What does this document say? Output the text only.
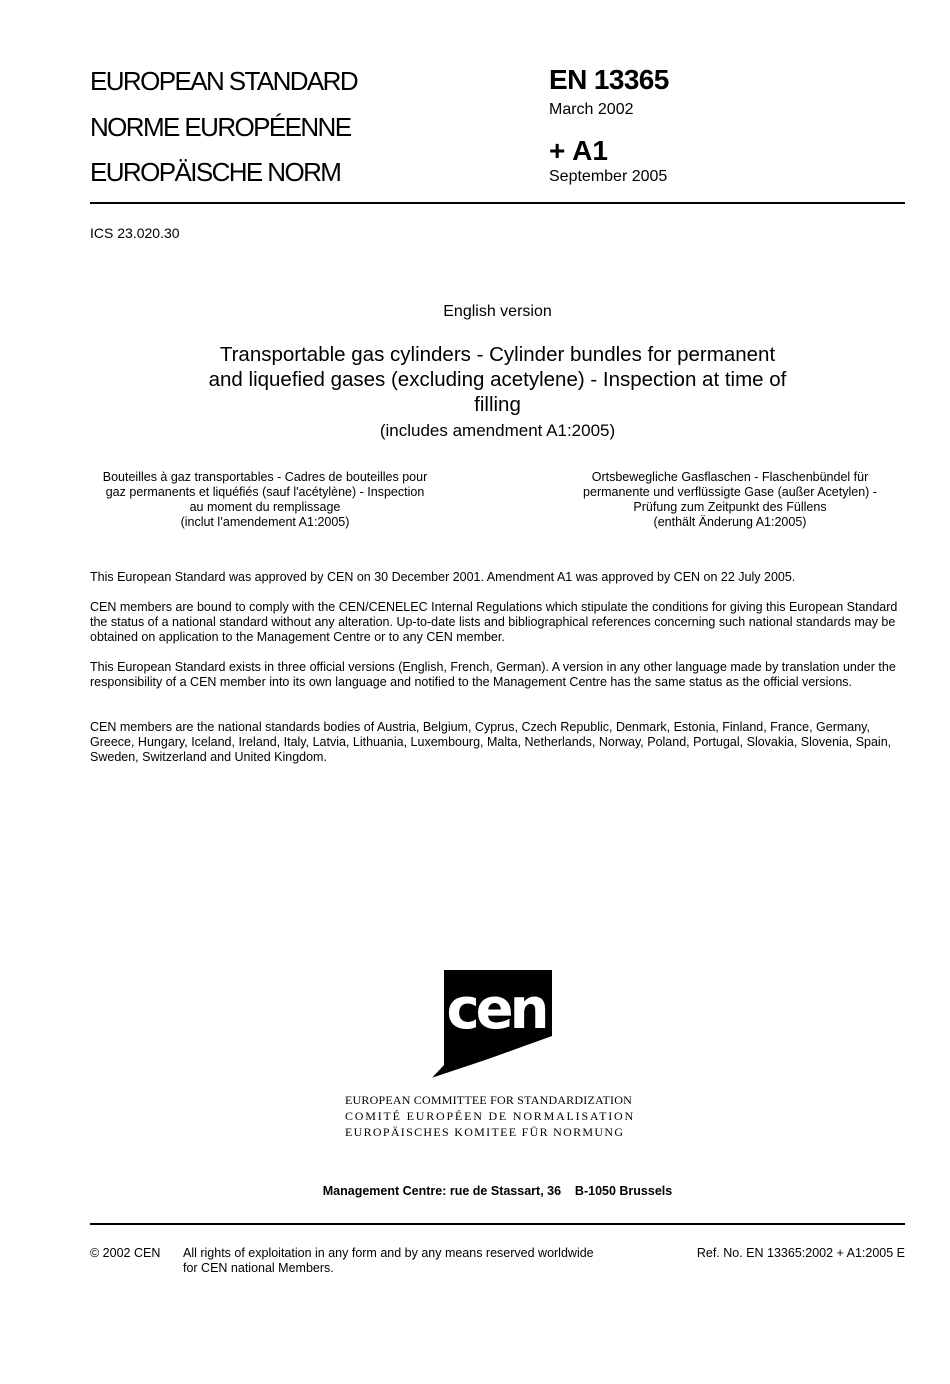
EUROPEAN STANDARD
NORME EUROPÉENNE
EUROPÄISCHE NORM
EN 13365
March 2002
+ A1
September 2005
ICS 23.020.30
English version
Transportable gas cylinders - Cylinder bundles for permanent
and liquefied gases (excluding acetylene) - Inspection at time of
filling
(includes amendment A1:2005)
Bouteilles à gaz transportables - Cadres de bouteilles pour
gaz permanents et liquéfiés (sauf l'acétylène) - Inspection
au moment du remplissage
(inclut l’amendement A1:2005)
Ortsbewegliche Gasflaschen - Flaschenbündel für
permanente und verflüssigte Gase (außer Acetylen) -
Prüfung zum Zeitpunkt des Füllens
(enthält Änderung A1:2005)

This European Standard was approved by CEN on 30 December 2001. Amendment A1 was approved by CEN on 22 July 2005.

CEN members are bound to comply with the CEN/CENELEC Internal Regulations which stipulate the conditions for giving this European Standard the status of a national standard without any alteration. Up-to-date lists and bibliographical references concerning such national standards may be obtained on application to the Management Centre or to any CEN member.

This European Standard exists in three official versions (English, French, German). A version in any other language made by translation under the responsibility of a CEN member into its own language and notified to the Management Centre has the same status as the official versions.

CEN members are the national standards bodies of Austria, Belgium, Cyprus, Czech Republic, Denmark, Estonia, Finland, France, Germany, Greece, Hungary, Iceland, Ireland, Italy, Latvia, Lithuania, Luxembourg, Malta, Netherlands, Norway, Poland, Portugal, Slovakia, Slovenia, Spain, Sweden, Switzerland and United Kingdom.

cen
EUROPEAN COMMITTEE FOR STANDARDIZATION
COMITÉ EUROPÉEN DE NORMALISATION
EUROPÄISCHES KOMITEE FÜR NORMUNG
Management Centre: rue de Stassart, 36    B-1050 Brussels
© 2002 CEN All rights of exploitation in any form and by any means reserved worldwide
for CEN national Members.
Ref. No. EN 13365:2002 + A1:2005 E
